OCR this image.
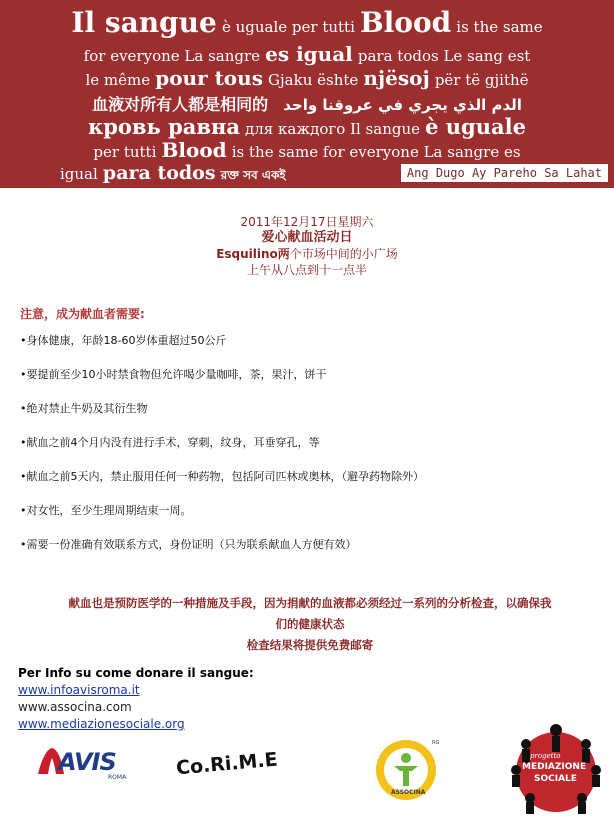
Il sangue è uguale per tutti Blood is the same
for everyone La sangre es igual para todos Le sang est
le même pour tous Gjaku ështe njësoj për të gjithë
血液对所有人都是相同的 الدم الذي يجري في عروقنا واحد
кровь равна для каждого Il sangue è uguale
per tutti Blood is the same for everyone La sangre es
igual para todos রক্ত সব একই	Ang Dugo Ay Pareho Sa Lahat
2011年12月17日星期六
爱心献血活动日
Esquilino两个市场中间的小广场
上午从八点到十一点半
注意，成为献血者需要:
•身体健康，年龄18-60岁体重超过50公斤
•要提前至少10小时禁食物但允许喝少量咖啡，茶，果汁，饼干
•绝对禁止牛奶及其衍生物
•献血之前4个月内没有进行手术，穿刺，纹身，耳垂穿孔，等
•献血之前5天内，禁止服用任何一种药物，包括阿司匹林或奥林，（避孕药物除外）
•对女性，至少生理周期结束一周。
•需要一份准确有效联系方式，身份证明（只为联系献血人方便有效）
献血也是预防医学的一种措施及手段，因为捐献的血液都必须经过一系列的分析检查，以确保我
们的健康状态
检查结果将提供免费邮寄
Per Info su come donare il sangue:
www.infoavisroma.it
www.associna.com
www.mediazionesociale.org
AVIS
ROMA	Co.Ri.M.E
ASSOCINA
RG
progetto
MEDIAZIONE
SOCIALE
